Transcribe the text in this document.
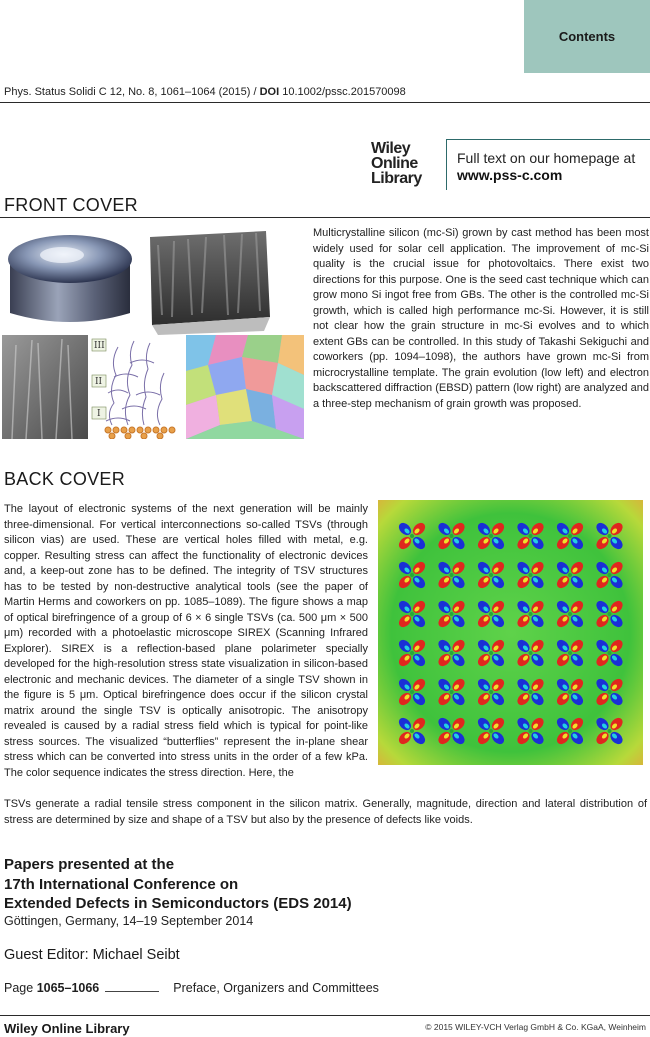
Contents
Phys. Status Solidi C 12, No. 8, 1061–1064 (2015) / DOI 10.1002/pssc.201570098
Wiley
Online
Library
Full text on our homepage at
www.pss-c.com
FRONT COVER
III
II
I
Multicrystalline silicon (mc-Si) grown by cast method has been most widely used for solar cell application. The improvement of mc-Si quality is the crucial issue for photovoltaics. There exist two directions for this purpose. One is the seed cast technique which can grow mono Si ingot free from GBs. The other is the controlled mc-Si growth, which is called high performance mc-Si. However, it is still not clear how the grain structure in mc-Si evolves and to which extent GBs can be controlled. In this study of Takashi Sekiguchi and coworkers (pp. 1094–1098), the authors have grown mc-Si from microcrystalline template. The grain evolution (low left) and electron backscattered diffraction (EBSD) pattern (low right) are analyzed and a three-step mechanism of grain growth was proposed.
BACK COVER
The layout of electronic systems of the next generation will be mainly three-dimensional. For vertical interconnections so-called TSVs (through silicon vias) are used. These are vertical holes filled with metal, e.g. copper. Resulting stress can affect the functionality of electronic devices and, a keep-out zone has to be defined. The integrity of TSV structures has to be tested by non-destructive analytical tools (see the paper of Martin Herms and coworkers on pp. 1085–1089). The figure shows a map of optical birefringence of a group of 6 × 6 single TSVs (ca. 500 μm × 500 μm) recorded with a photoelastic microscope SIREX (Scanning Infrared Explorer). SIREX is a reflection-based plane polarimeter specially developed for the high-resolution stress state visualization in silicon-based electronic and mechanic devices. The diameter of a single TSV shown in the figure is 5 μm. Optical birefringence does occur if the silicon crystal matrix around the single TSV is optically anisotropic. The anisotropy revealed is caused by a radial stress field which is typical for point-like stress sources. The visualized “butterflies” represent the in-plane shear stress which can be converted into stress units in the order of a few kPa. The color sequence indicates the stress direction. Here, the
TSVs generate a radial tensile stress component in the silicon matrix. Generally, magnitude, direction and lateral distribution of stress are determined by size and shape of a TSV but also by the presence of defects like voids.
Papers presented at the
17th International Conference on
Extended Defects in Semiconductors (EDS 2014)
Göttingen, Germany, 14–19 September 2014
Guest Editor: Michael Seibt
Page 1065–1066	Preface, Organizers and Committees
Wiley Online Library	© 2015 WILEY-VCH Verlag GmbH & Co. KGaA, Weinheim
